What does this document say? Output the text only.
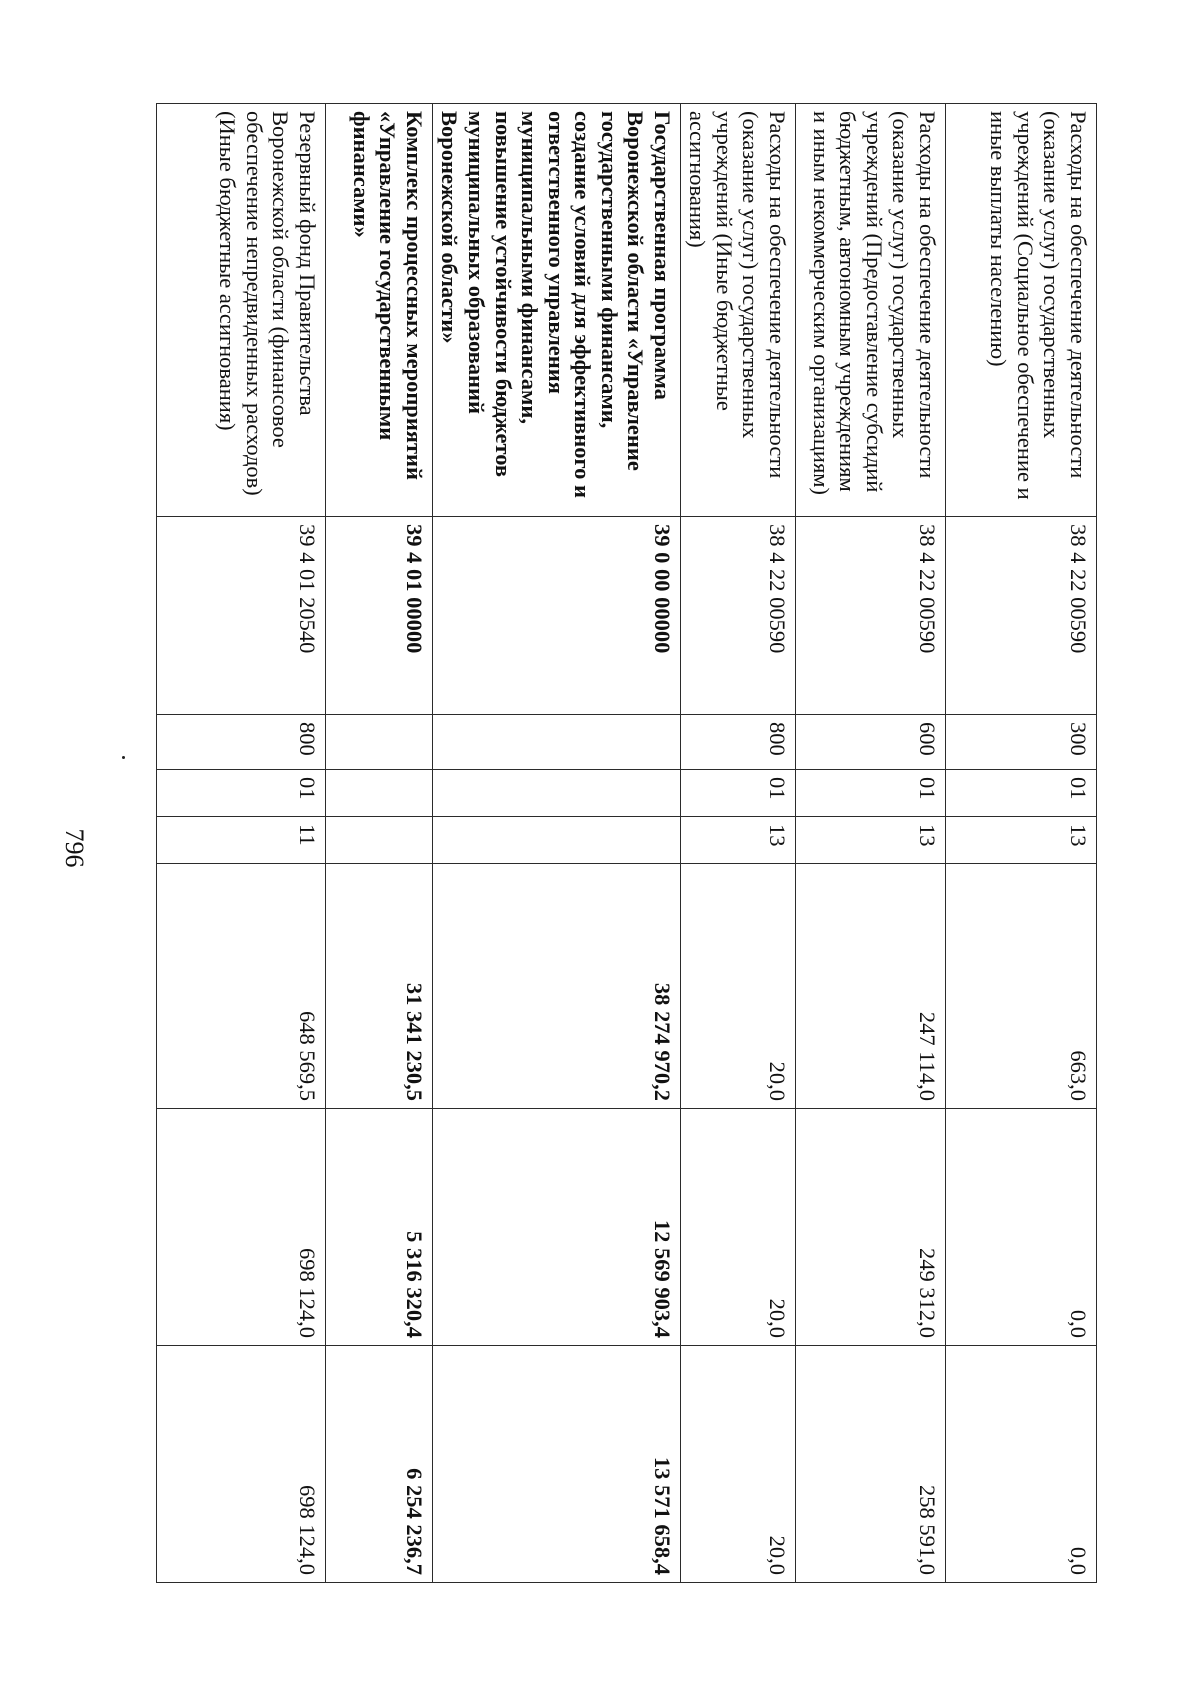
796
Расходы на обеспечение деятельности (оказание услуг) государственных учреждений (Социальное обеспечение и иные выплаты населению)	38 4 22 00590	300	01	13	663,0	0,0	0,0
Расходы на обеспечение деятельности (оказание услуг) государственных учреждений (Предоставление субсидий бюджетным, автономным учреждениям и иным некоммерческим организациям)	38 4 22 00590	600	01	13	247 114,0	249 312,0	258 591,0
Расходы на обеспечение деятельности (оказание услуг) государственных учреждений (Иные бюджетные ассигнования)	38 4 22 00590	800	01	13	20,0	20,0	20,0
Государственная программа Воронежской области «Управление государственными финансами, создание условий для эффективного и ответственного управления муниципальными финансами, повышение устойчивости бюджетов муниципальных образований Воронежской области»	39 0 00 00000				38 274 970,2	12 569 903,4	13 571 658,4
Комплекс процессных мероприятий «Управление государственными финансами»	39 4 01 00000				31 341 230,5	5 316 320,4	6 254 236,7
Резервный фонд Правительства Воронежской области (финансовое обеспечение непредвиденных расходов) (Иные бюджетные ассигнования)	39 4 01 20540	800	01	11	648 569,5	698 124,0	698 124,0
